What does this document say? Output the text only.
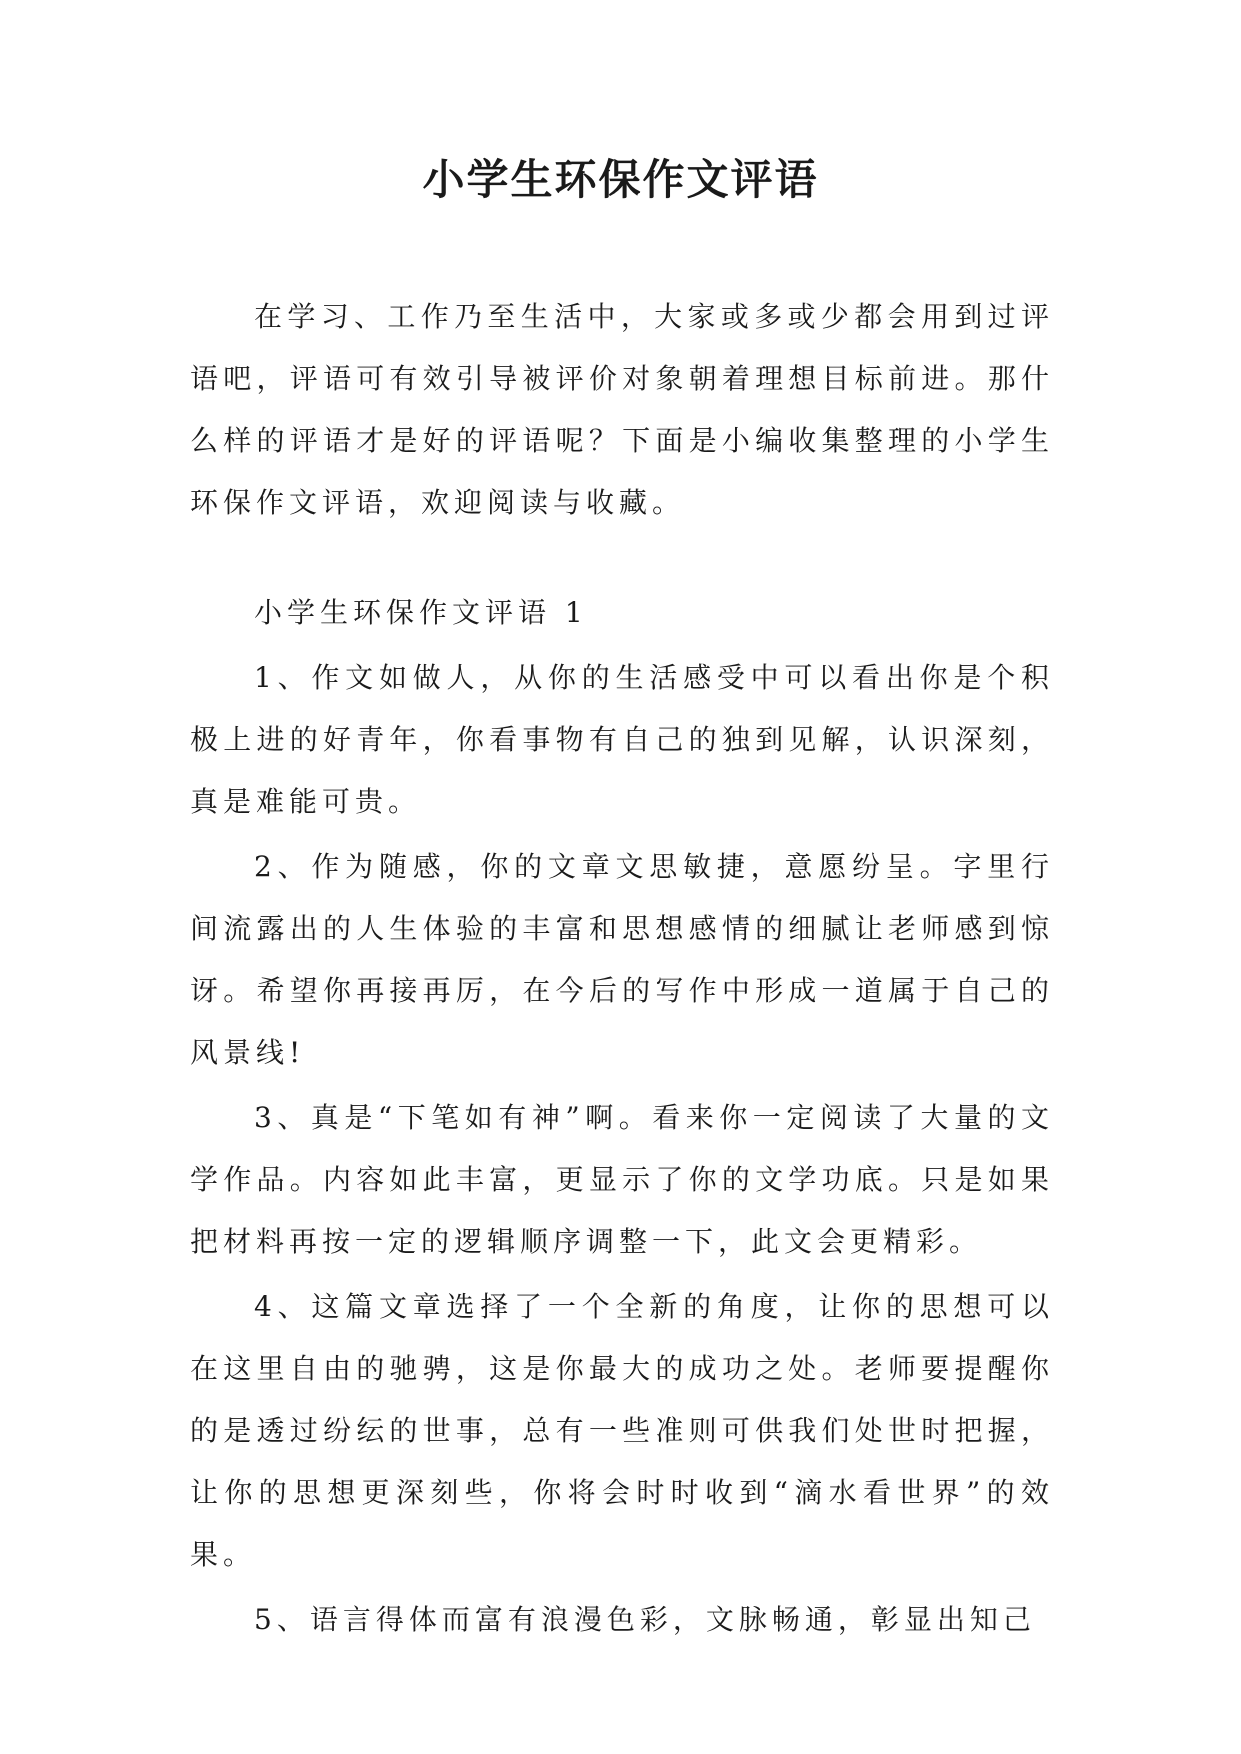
小学生环保作文评语

在学习、工作乃至生活中，大家或多或少都会用到过评语吧，评语可有效引导被评价对象朝着理想目标前进。那什么样的评语才是好的评语呢？下面是小编收集整理的小学生环保作文评语，欢迎阅读与收藏。

小学生环保作文评语 1

1、作文如做人，从你的生活感受中可以看出你是个积极上进的好青年，你看事物有自己的独到见解，认识深刻，真是难能可贵。

2、作为随感，你的文章文思敏捷，意愿纷呈。字里行间流露出的人生体验的丰富和思想感情的细腻让老师感到惊讶。希望你再接再厉，在今后的写作中形成一道属于自己的风景线!

3、真是“下笔如有神”啊。看来你一定阅读了大量的文学作品。内容如此丰富，更显示了你的文学功底。只是如果把材料再按一定的逻辑顺序调整一下，此文会更精彩。

4、这篇文章选择了一个全新的角度，让你的思想可以在这里自由的驰骋，这是你最大的成功之处。老师要提醒你的是透过纷纭的世事，总有一些准则可供我们处世时把握，让你的思想更深刻些，你将会时时收到“滴水看世界”的效果。

5、语言得体而富有浪漫色彩，文脉畅通，彰显出知己
